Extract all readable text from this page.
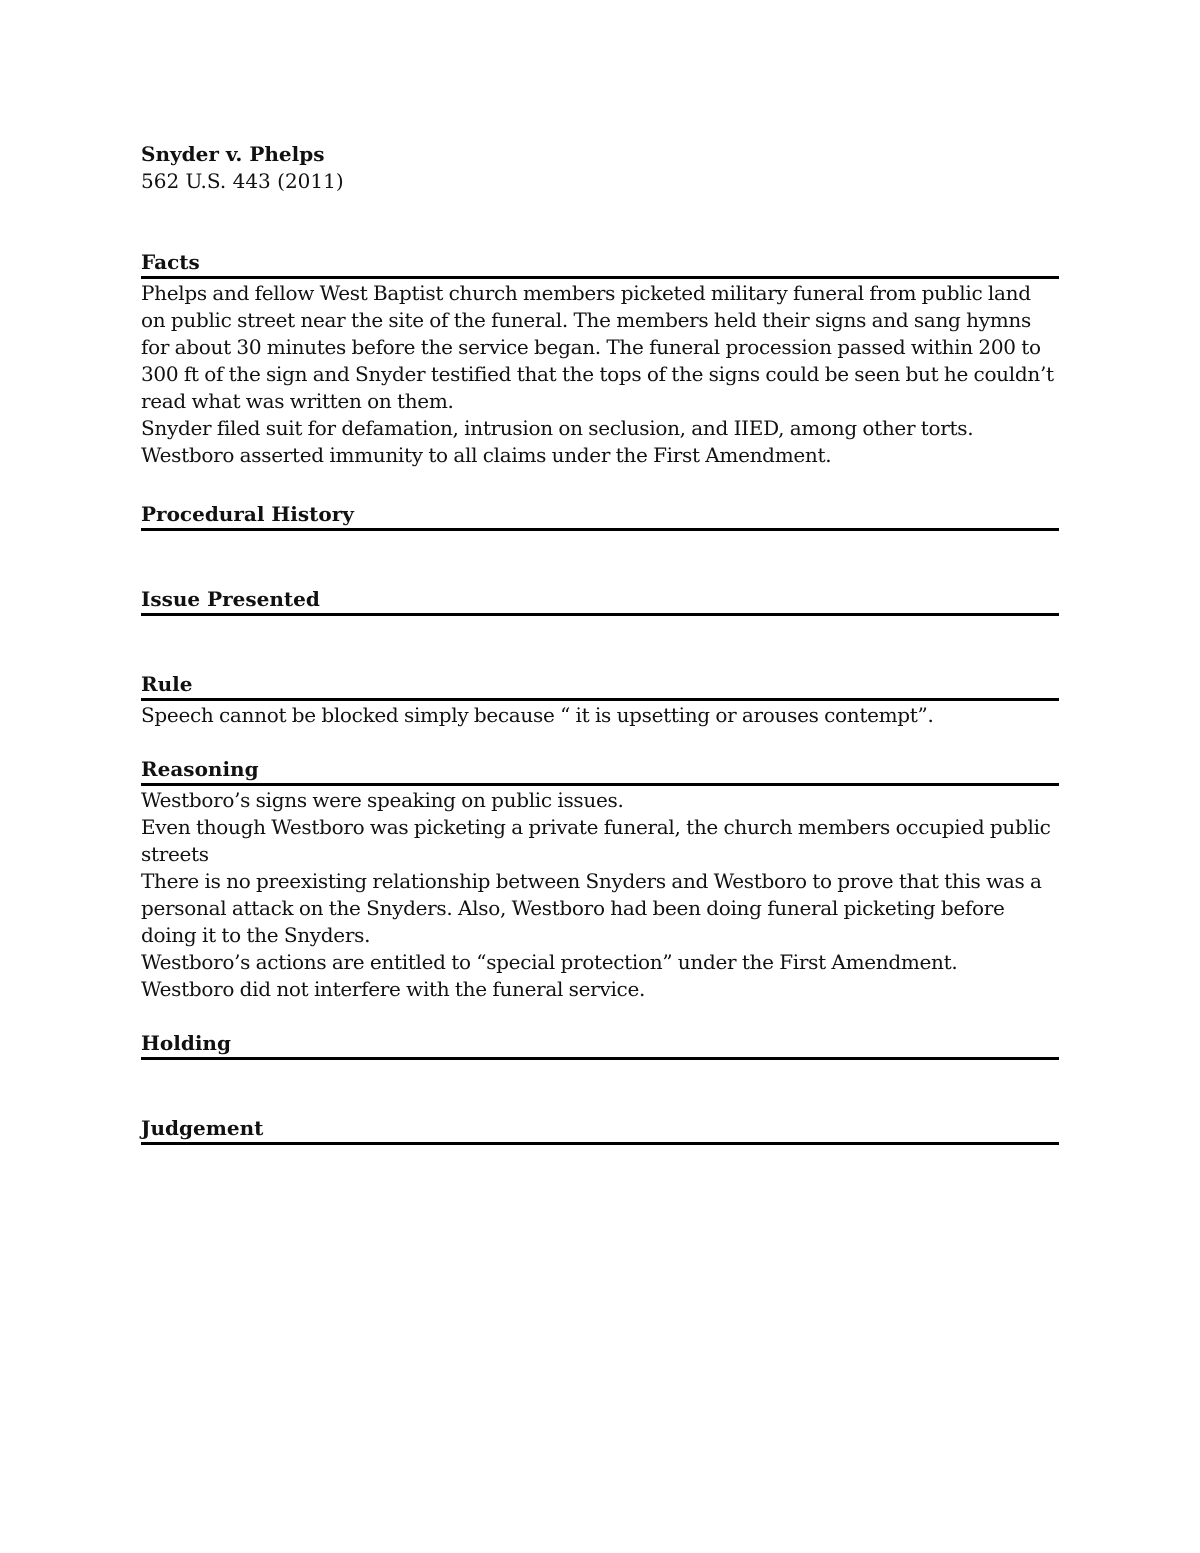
Snyder v. Phelps

562 U.S. 443 (2011)

Facts

Phelps and fellow West Baptist church members picketed military funeral from public land on public street near the site of the funeral. The members held their signs and sang hymns for about 30 minutes before the service began. The funeral procession passed within 200 to 300 ft of the sign and Snyder testified that the tops of the signs could be seen but he couldn’t read what was written on them.

Snyder filed suit for defamation, intrusion on seclusion, and IIED, among other torts. Westboro asserted immunity to all claims under the First Amendment.

Procedural History

Issue Presented

Rule

Speech cannot be blocked simply because “ it is upsetting or arouses contempt”.

Reasoning

Westboro’s signs were speaking on public issues.

Even though Westboro was picketing a private funeral, the church members occupied public streets

There is no preexisting relationship between Snyders and Westboro to prove that this was a personal attack on the Snyders. Also, Westboro had been doing funeral picketing before doing it to the Snyders.

Westboro’s actions are entitled to “special protection” under the First Amendment.

Westboro did not interfere with the funeral service.

Holding

Judgement
